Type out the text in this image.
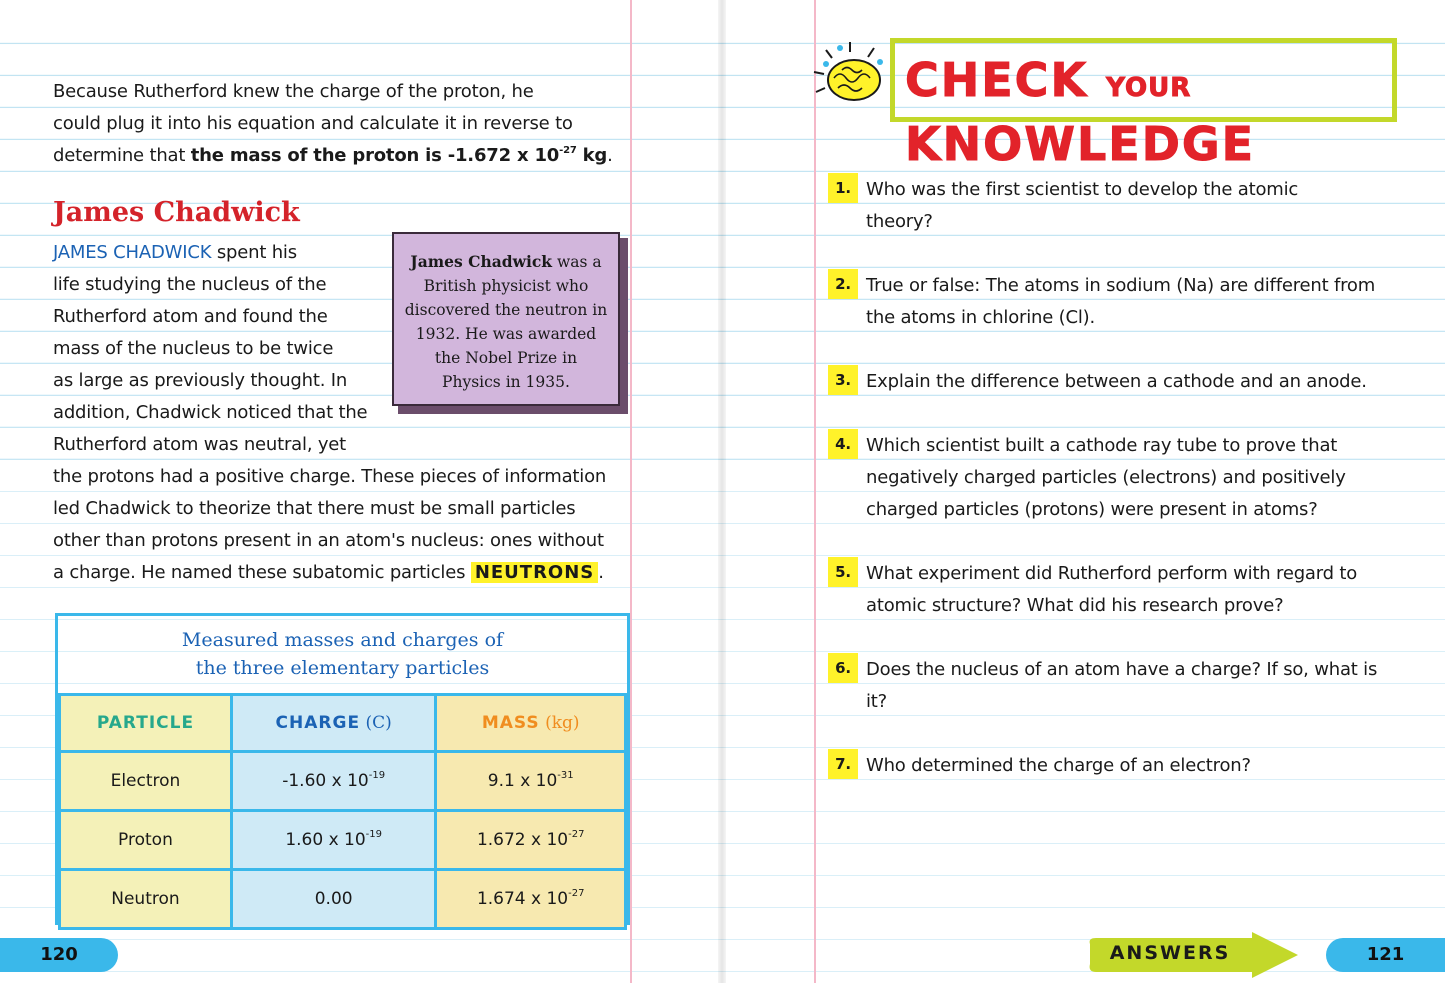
Because Rutherford knew the charge of the proton, he
could plug it into his equation and calculate it in reverse to
determine that the mass of the proton is -1.672 x $10^{-27}$ kg.
James Chadwick
JAMES CHADWICK spent his
life studying the nucleus of the
Rutherford atom and found the
mass of the nucleus to be twice
as large as previously thought. In
addition, Chadwick noticed that the
Rutherford atom was neutral, yet
the protons had a positive charge. These pieces of information
led Chadwick to theorize that there must be small particles
other than protons present in an atom's nucleus: ones without
a charge. He named these subatomic particles NEUTRONS .
James Chadwick was a British physicist who discovered the neutron in 1932. He was awarded the Nobel Prize in Physics in 1935.
Measured masses and charges of
the three elementary particles
PARTICLE	CHARGE (C)	MASS (kg)
Electron	-1.60 x $10^{-19}$	9.1 x $10^{-31}$
Proton	1.60 x $10^{-19}$	1.672 x $10^{-27}$
Neutron	0.00	1.674 x $10^{-27}$
120
CHECK YOUR KNOWLEDGE
1. Who was the first scientist to develop the atomic theory?

2. True or false: The atoms in sodium (Na) are different from the atoms in chlorine (Cl).

3. Explain the difference between a cathode and an anode.

4. Which scientist built a cathode ray tube to prove that negatively charged particles (electrons) and positively charged particles (protons) were present in atoms?

5. What experiment did Rutherford perform with regard to atomic structure? What did his research prove?

6. Does the nucleus of an atom have a charge? If so, what is it?

7. Who determined the charge of an electron?

ANSWERS	121
